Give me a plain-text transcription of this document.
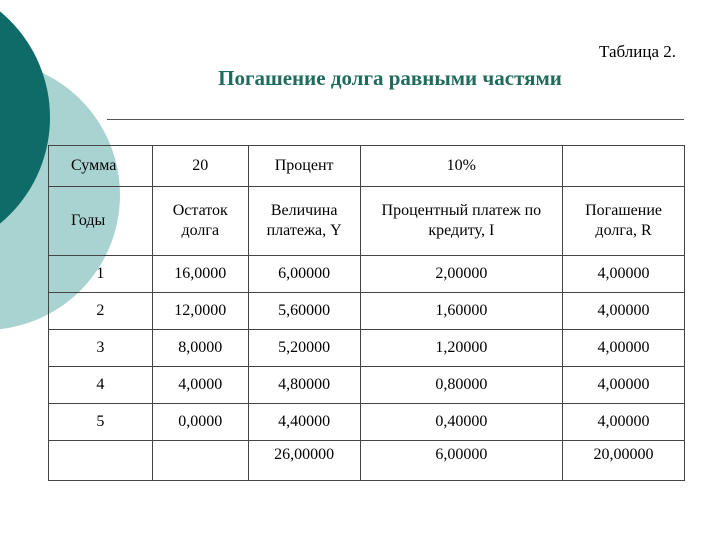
Таблица 2.
Погашение долга равными частями
Сумма	20	Процент	10%	
Годы	Остаток долга	Величина платежа, Y	Процентный платеж по кредиту, I	Погашение долга, R
1	16,0000	6,00000	2,00000	4,00000
2	12,0000	5,60000	1,60000	4,00000
3	8,0000	5,20000	1,20000	4,00000
4	4,0000	4,80000	0,80000	4,00000
5	0,0000	4,40000	0,40000	4,00000
		26,00000	6,00000	20,00000
